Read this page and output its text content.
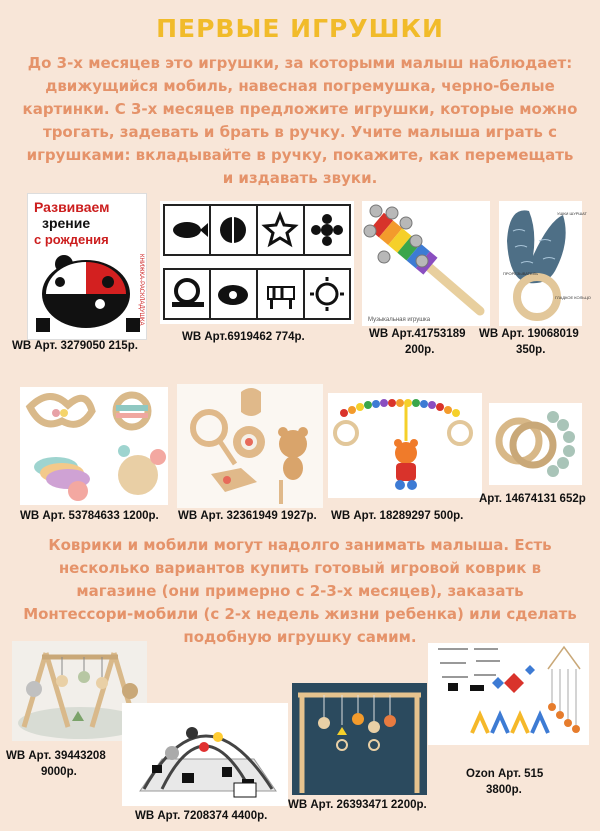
ПЕРВЫЕ ИГРУШКИ
До 3-х месяцев это игрушки, за которыми малыш наблюдает: движущийся мобиль, навесная погремушка, черно-белые картинки. С 3-х месяцев предложите игрушки, которые можно трогать, задевать и брать в ручку. Учите малыша играть с игрушками: вкладывайте в ручку, покажите, как перемещать и издавать звуки.
Развиваем
зрение
с рождения
КНИЖКА-РАСКЛАДУШКА
WB Арт. 3279050 215р.
WB Арт.6919462 774р.
Музыкальная игрушка
WB Арт.41753189
200р.
УШКИ ШУРШАТ
ПРОРЕЗЫВАТЕЛЬ
ГЛАДКОЕ КОЛЬЦО
WB Арт. 19068019
350р.
WB Арт. 53784633 1200р. WB Арт. 32361949 1927р. WB Арт. 18289297 500р.
Арт. 14674131 652р
Коврики и мобили могут надолго занимать малыша. Есть несколько вариантов купить готовый игровой коврик в магазине (они примерно с 2-3-х месяцев), заказать Монтессори-мобили (с 2-х недель жизни ребенка) или сделать подобную игрушку самим.
WB Арт. 39443208
9000р.
WB Арт. 7208374 4400р.
WB Арт. 26393471 2200р.
Ozon Арт. 515
3800р.
